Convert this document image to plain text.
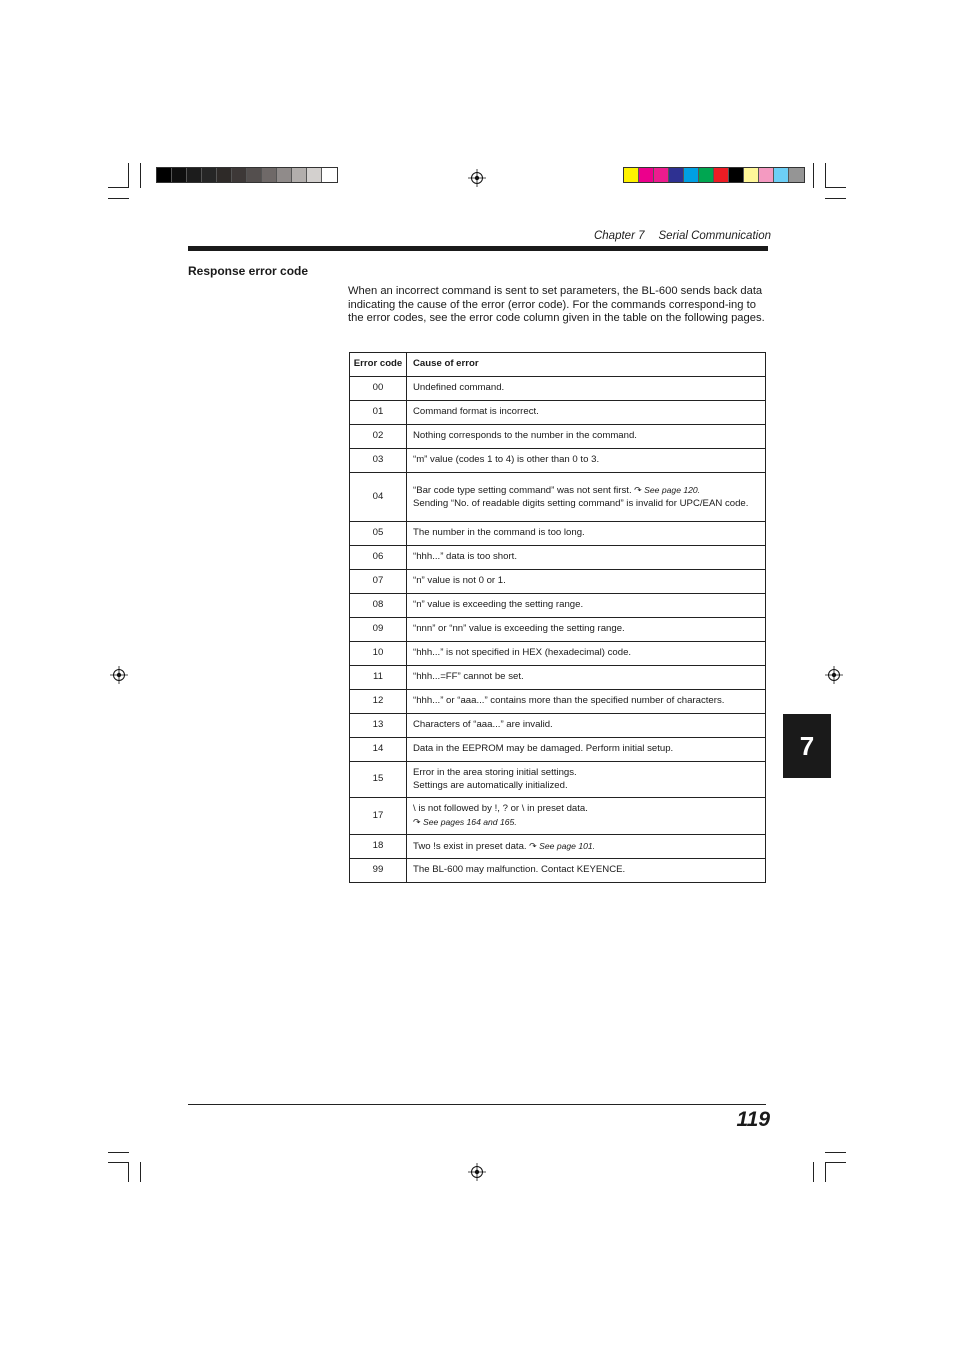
Chapter 7 Serial Communication
Response error code
When an incorrect command is sent to set parameters, the BL-600 sends back data indicating the cause of the error (error code). For the commands correspond-ing to the error codes, see the error code column given in the table on the following pages.
Error code	Cause of error
00	Undefined command.

01	Command format is incorrect.

02	Nothing corresponds to the number in the command.

03	“m” value (codes 1 to 4) is other than 0 to 3.

04	“Bar code type setting command” was not sent first. ↷ See page 120.
Sending “No. of readable digits setting command” is invalid for UPC/EAN code.

05	The number in the command is too long.

06	“hhh...” data is too short.

07	“n” value is not 0 or 1.

08	“n” value is exceeding the setting range.

09	“nnn” or “nn” value is exceeding the setting range.

10	“hhh...” is not specified in HEX (hexadecimal) code.

11	“hhh...=FF” cannot be set.

12	“hhh...” or “aaa...” contains more than the specified number of characters.

13	Characters of “aaa...” are invalid.

14	Data in the EEPROM may be damaged. Perform initial setup.

15	Error in the area storing initial settings.
Settings are automatically initialized.

17	\ is not followed by !, ? or \ in preset data.
↷ See pages 164 and 165.

18	Two !s exist in preset data. ↷ See page 101.

99	The BL-600 may malfunction. Contact KEYENCE.
7
119
